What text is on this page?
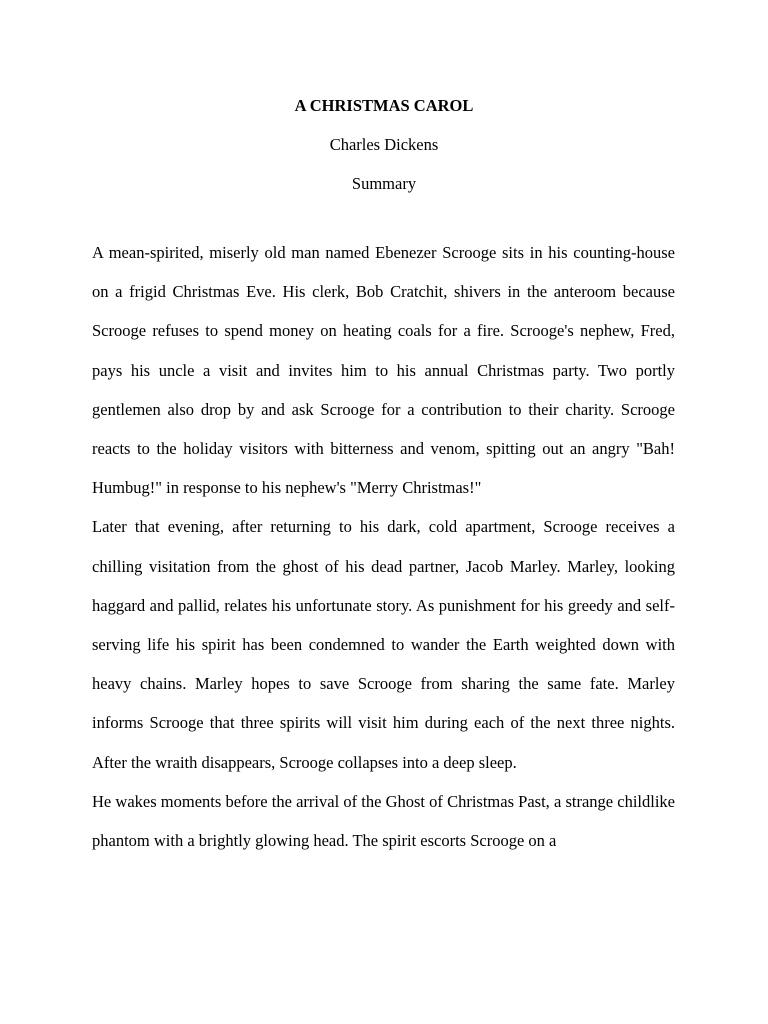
A CHRISTMAS CAROL
Charles Dickens
Summary

A mean-spirited, miserly old man named Ebenezer Scrooge sits in his counting-house on a frigid Christmas Eve. His clerk, Bob Cratchit, shivers in the anteroom because Scrooge refuses to spend money on heating coals for a fire. Scrooge's nephew, Fred, pays his uncle a visit and invites him to his annual Christmas party. Two portly gentlemen also drop by and ask Scrooge for a contribution to their charity. Scrooge reacts to the holiday visitors with bitterness and venom, spitting out an angry "Bah! Humbug!" in response to his nephew's "Merry Christmas!"

Later that evening, after returning to his dark, cold apartment, Scrooge receives a chilling visitation from the ghost of his dead partner, Jacob Marley. Marley, looking haggard and pallid, relates his unfortunate story. As punishment for his greedy and self-serving life his spirit has been condemned to wander the Earth weighted down with heavy chains. Marley hopes to save Scrooge from sharing the same fate. Marley informs Scrooge that three spirits will visit him during each of the next three nights. After the wraith disappears, Scrooge collapses into a deep sleep.

He wakes moments before the arrival of the Ghost of Christmas Past, a strange childlike phantom with a brightly glowing head. The spirit escorts Scrooge on a
